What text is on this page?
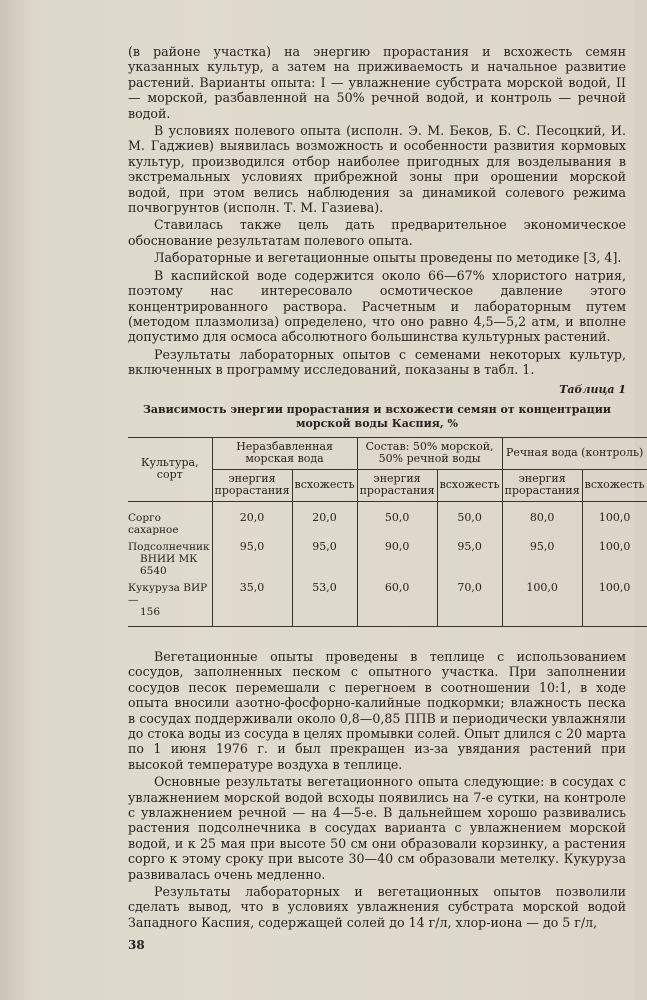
(в районе участка) на энергию прорастания и всхожесть семян указанных культур, а затем на приживаемость и начальное развитие растений. Варианты опыта: I — увлажнение субстрата морской водой, II — морской, разбавленной на 50% речной водой, и контроль — речной водой.

В условиях полевого опыта (исполн. Э. М. Беков, Б. С. Песоцкий, И. М. Гаджиев) выявилась возможность и особенности развития кормовых культур, производился отбор наиболее пригодных для возделывания в экстремальных условиях прибрежной зоны при орошении морской водой, при этом велись наблюдения за динамикой солевого режима почвогрунтов (исполн. Т. М. Газиева).

Ставилась также цель дать предварительное экономическое обоснование результатам полевого опыта.

Лабораторные и вегетационные опыты проведены по методике [3, 4].

В каспийской воде содержится около 66—67% хлористого натрия, поэтому нас интересовало осмотическое давление этого концентрированного раствора. Расчетным и лабораторным путем (методом плазмолиза) определено, что оно равно 4,5—5,2 атм, и вполне допустимо для осмоса абсолютного большинства культурных растений.

Результаты лабораторных опытов с семенами некоторых культур, включенных в программу исследований, показаны в табл. 1.

Таблица 1
Зависимость энергии прорастания и всхожести семян от концентрации морской воды Каспия, %
Культура, сорт	Неразбавленная морская вода		Состав: 50% морской, 50% речной воды		Речная вода (контроль)	
	энергия прорастания	всхожесть	энергия прорастания	всхожесть	энергия прорастания	всхожесть

Сорго сахарное	20,0	20,0	50,0	50,0	80,0	100,0

Подсолнечник
ВНИИ МК 6540	95,0	95,0	90,0	95,0	95,0	100,0

Кукуруза ВИР —
156	35,0	53,0	60,0	70,0	100,0	100,0

Вегетационные опыты проведены в теплице с использованием сосудов, заполненных песком с опытного участка. При заполнении сосудов песок перемешали с перегноем в соотношении 10:1, в ходе опыта вносили азотно-фосфорно-калийные подкормки; влажность песка в сосудах поддерживали около 0,8—0,85 ППВ и периодически увлажняли до стока воды из сосуда в целях промывки солей. Опыт длился с 20 марта по 1 июня 1976 г. и был прекращен из-за увядания растений при высокой температуре воздуха в теплице.

Основные результаты вегетационного опыта следующие: в сосудах с увлажнением морской водой всходы появились на 7-е сутки, на контроле с увлажнением речной — на 4—5-е. В дальнейшем хорошо развивались растения подсолнечника в сосудах варианта с увлажнением морской водой, и к 25 мая при высоте 50 см они образовали корзинку, а растения сорго к этому сроку при высоте 30—40 см образовали метелку. Кукуруза развивалась очень медленно.

Результаты лабораторных и вегетационных опытов позволили сделать вывод, что в условиях увлажнения субстрата морской водой Западного Каспия, содержащей солей до 14 г/л, хлор-иона — до 5 г/л,

38
